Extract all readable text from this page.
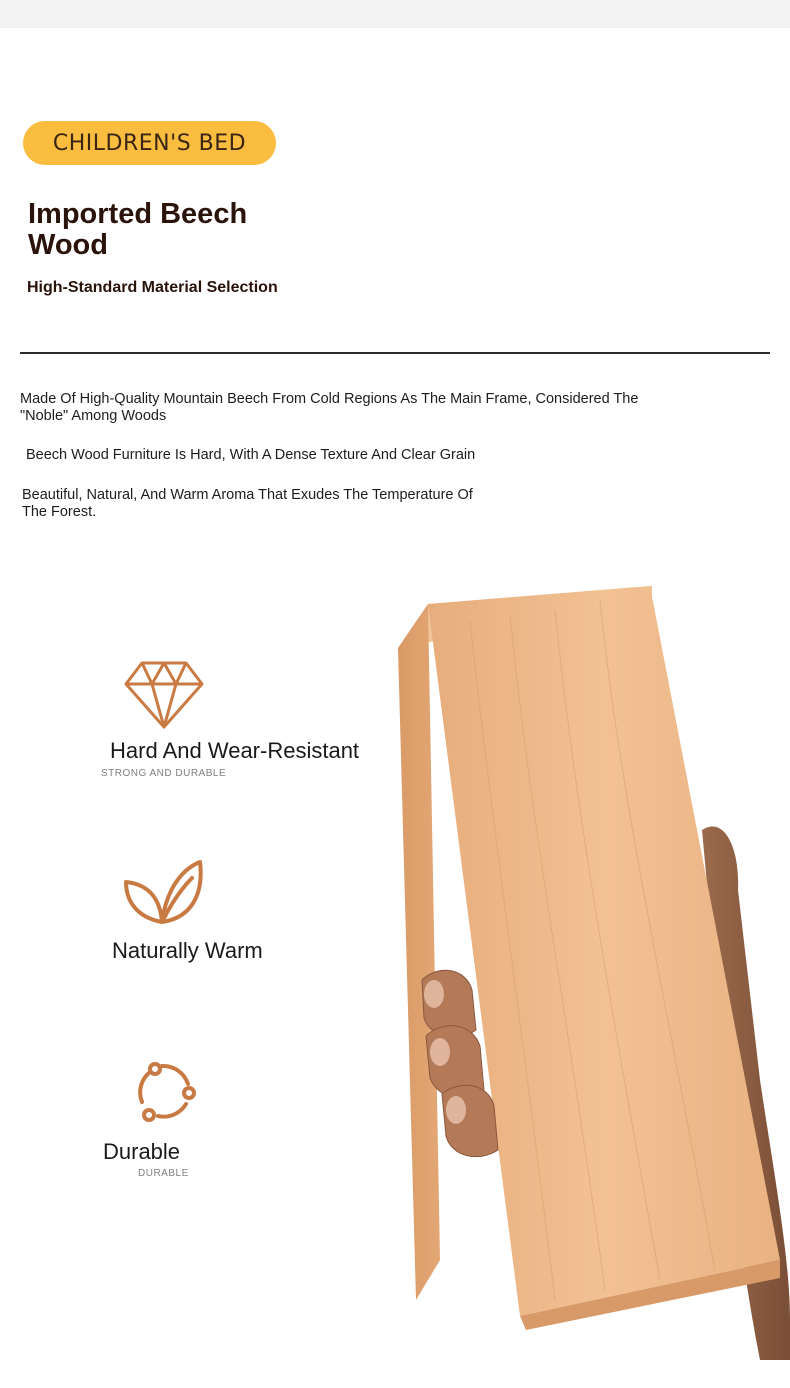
CHILDREN'S BED
Imported Beech Wood
High-Standard Material Selection
Made Of High-Quality Mountain Beech From Cold Regions As The Main Frame, Considered The "Noble" Among Woods
Beech Wood Furniture Is Hard, With A Dense Texture And Clear Grain
Beautiful, Natural, And Warm Aroma That Exudes The Temperature Of The Forest.
Hard And Wear-Resistant
STRONG AND DURABLE
Naturally Warm
Durable
DURABLE
